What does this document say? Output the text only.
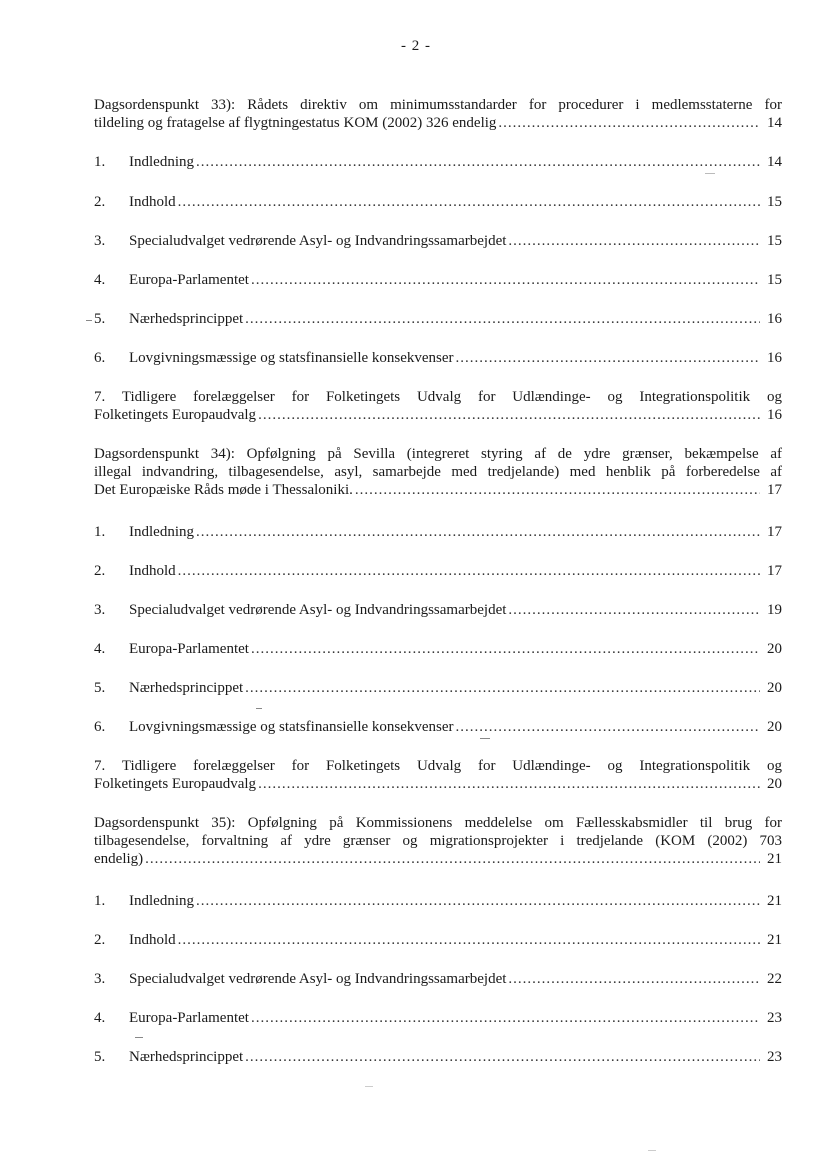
- 2 -
Dagsordenspunkt 33): Rådets direktiv om minimumsstandarder for procedurer i medlemsstaterne for
tildeling og fratagelse af flygtningestatus KOM (2002) 326 endelig .....	14
1.	Indledning .....	14
2.	Indhold .....	15
3.	Specialudvalget vedrørende Asyl- og Indvandringssamarbejdet .....	15
4.	Europa-Parlamentet .....	15
5.	Nærhedsprincippet .....	16
6.	Lovgivningsmæssige og statsfinansielle konsekvenser .....	16
7. Tidligere forelæggelser for Folketingets Udvalg for Udlændinge- og Integrationspolitik og
Folketingets Europaudvalg .....	16
Dagsordenspunkt 34): Opfølgning på Sevilla (integreret styring af de ydre grænser, bekæmpelse af
illegal indvandring, tilbagesendelse, asyl, samarbejde med tredjelande) med henblik på forberedelse af
Det Europæiske Råds møde i Thessaloniki. .....	17
1.	Indledning .....	17
2.	Indhold .....	17
3.	Specialudvalget vedrørende Asyl- og Indvandringssamarbejdet .....	19
4.	Europa-Parlamentet .....	20
5.	Nærhedsprincippet .....	20
6.	Lovgivningsmæssige og statsfinansielle konsekvenser .....	20
7. Tidligere forelæggelser for Folketingets Udvalg for Udlændinge- og Integrationspolitik og
Folketingets Europaudvalg .....	20
Dagsordenspunkt 35): Opfølgning på Kommissionens meddelelse om Fællesskabsmidler til brug for
tilbagesendelse, forvaltning af ydre grænser og migrationsprojekter i tredjelande (KOM (2002) 703
endelig) .....	21
1.	Indledning .....	21
2.	Indhold .....	21
3.	Specialudvalget vedrørende Asyl- og Indvandringssamarbejdet .....	22
4.	Europa-Parlamentet .....	23
5.	Nærhedsprincippet .....	23
